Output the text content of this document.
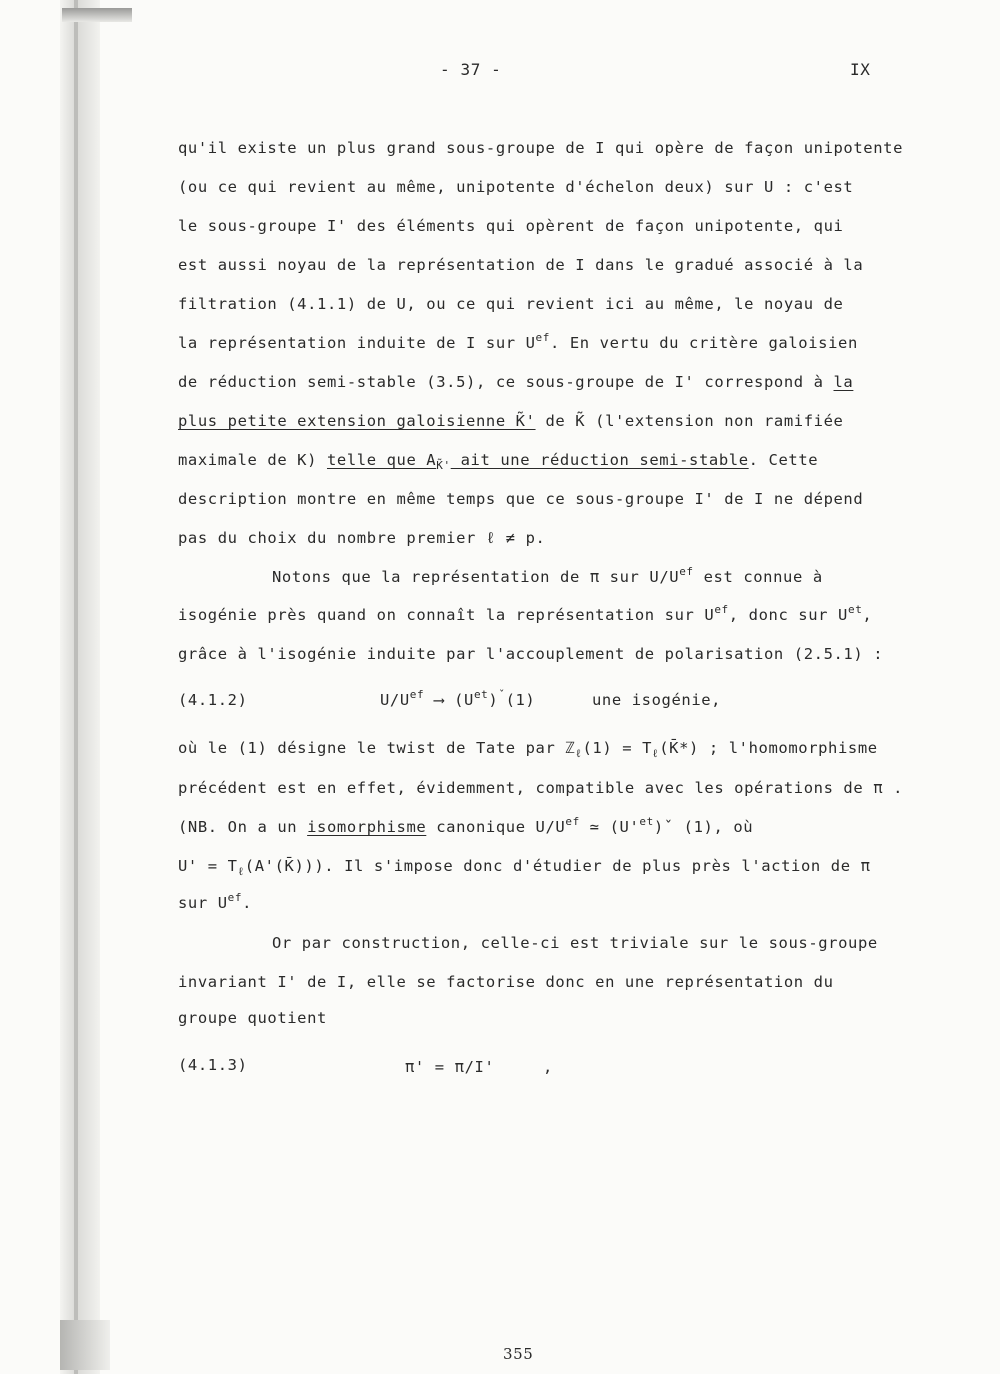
- 37 -	IX
qu'il existe un plus grand sous-groupe de I qui opère de façon unipotente
(ou ce qui revient au même, unipotente d'échelon deux) sur U : c'est
le sous-groupe I' des éléments qui opèrent de façon unipotente, qui
est aussi noyau de la représentation de I dans le gradué associé à la
filtration (4.1.1) de U, ou ce qui revient ici au même, le noyau de
la représentation induite de I sur $U^{ef}$. En vertu du critère galoisien
de réduction semi-stable (3.5), ce sous-groupe de I' correspond à la
plus petite extension galoisienne K̃' de K̃ (l'extension non ramifiée
maximale de K) telle que $A_{K̃'}$ ait une réduction semi-stable. Cette
description montre en même temps que ce sous-groupe I' de I ne dépend
pas du choix du nombre premier ℓ ≠ p.
Notons que la représentation de π sur $U/U^{ef}$ est connue à
isogénie près quand on connaît la représentation sur $U^{ef}$, donc sur $U^{et}$,
grâce à l'isogénie induite par l'accouplement de polarisation (2.5.1) :
(4.1.2)	$U/U^{ef}$ ⟶ $(U^{et})^ˇ(1)$	une isogénie,
où le (1) désigne le twist de Tate par ℤ$_\ell$(1) = $T_\ell(K̄*)$ ; l'homomorphisme
précédent est en effet, évidemment, compatible avec les opérations de π .
(NB. On a un isomorphisme canonique $U/U^{ef}$ ≃ $(U'^{et})ˇ$ (1), où
$U' = T_\ell(A'(K̄))$). Il s'impose donc d'étudier de plus près l'action de π
sur $U^{ef}$.
Or par construction, celle-ci est triviale sur le sous-groupe
invariant I' de I, elle se factorise donc en une représentation du
groupe quotient
(4.1.3)	π' = π/I'	,
355
